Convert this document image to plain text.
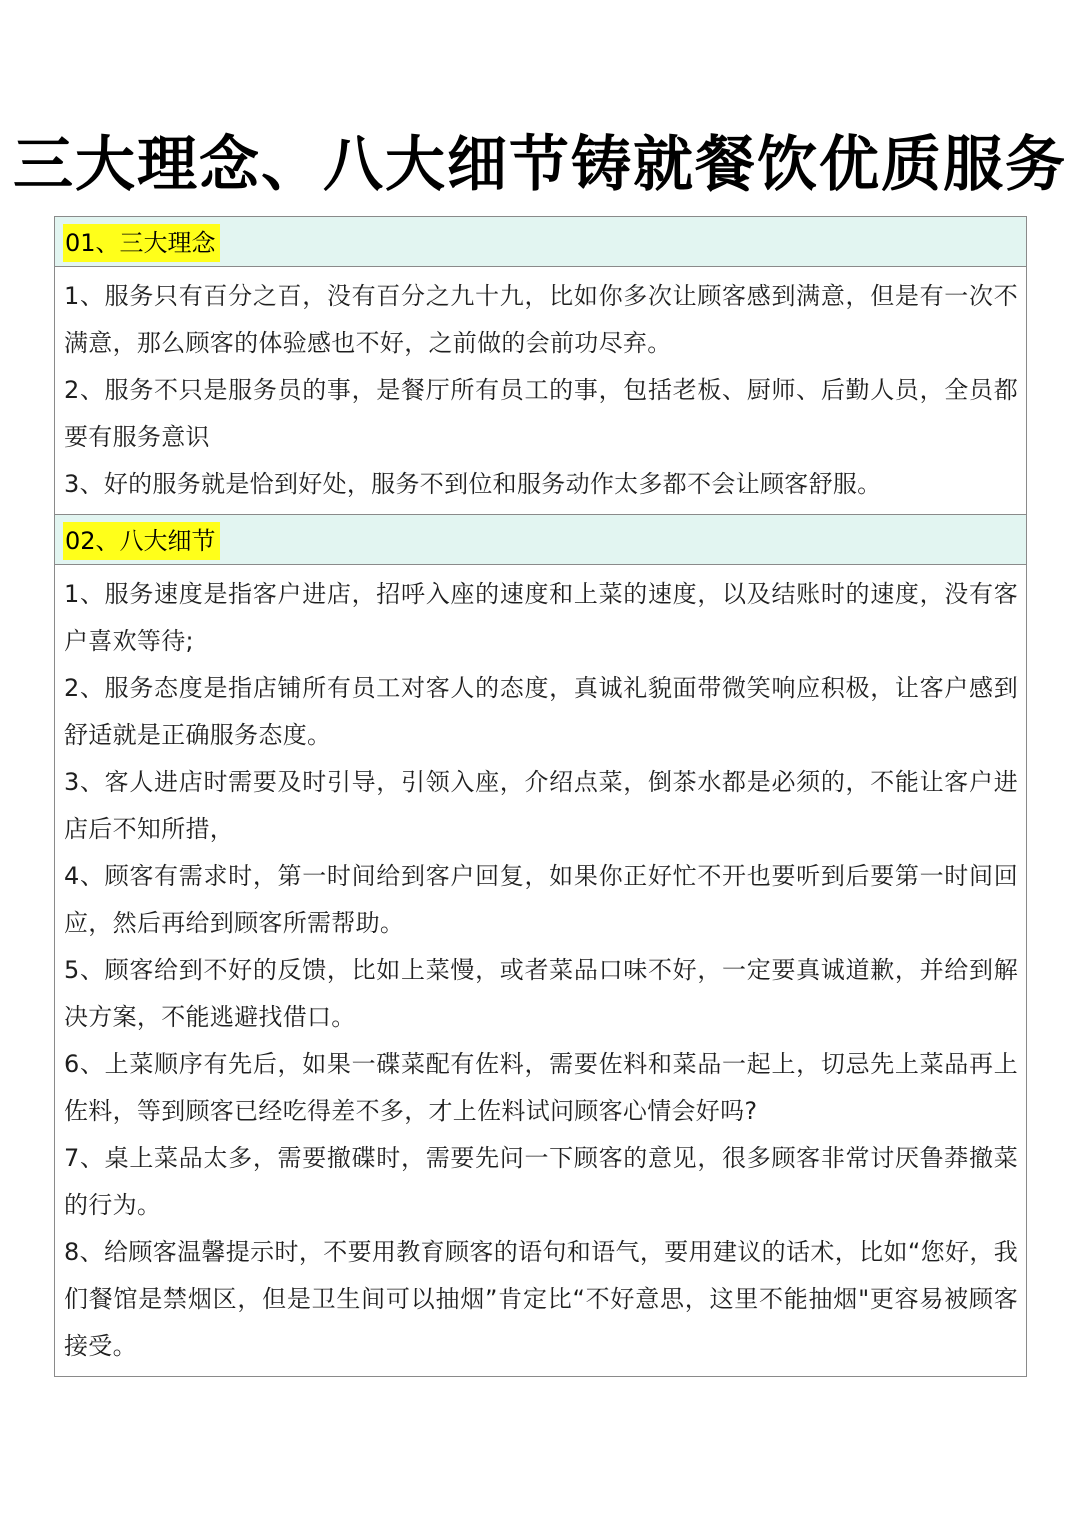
三大理念、八大细节铸就餐饮优质服务
01、三大理念
1、服务只有百分之百，没有百分之九十九，比如你多次让顾客感到满意，但是有一次不满意，那么顾客的体验感也不好，之前做的会前功尽弃。
2、服务不只是服务员的事，是餐厅所有员工的事，包括老板、厨师、后勤人员，全员都要有服务意识
3、好的服务就是恰到好处，服务不到位和服务动作太多都不会让顾客舒服。
02、八大细节
1、服务速度是指客户进店，招呼入座的速度和上菜的速度，以及结账时的速度，没有客户喜欢等待;
2、服务态度是指店铺所有员工对客人的态度，真诚礼貌面带微笑响应积极，让客户感到舒适就是正确服务态度。
3、客人进店时需要及时引导，引领入座，介绍点菜，倒茶水都是必须的，不能让客户进店后不知所措，
4、顾客有需求时，第一时间给到客户回复，如果你正好忙不开也要听到后要第一时间回应，然后再给到顾客所需帮助。
5、顾客给到不好的反馈，比如上菜慢，或者菜品口味不好，一定要真诚道歉，并给到解决方案，不能逃避找借口。
6、上菜顺序有先后，如果一碟菜配有佐料，需要佐料和菜品一起上，切忌先上菜品再上佐料，等到顾客已经吃得差不多，才上佐料试问顾客心情会好吗?
7、桌上菜品太多，需要撤碟时，需要先问一下顾客的意见，很多顾客非常讨厌鲁莽撤菜的行为。
8、给顾客温馨提示时，不要用教育顾客的语句和语气，要用建议的话术，比如“您好，我们餐馆是禁烟区，但是卫生间可以抽烟”肯定比“不好意思，这里不能抽烟"更容易被顾客接受。
